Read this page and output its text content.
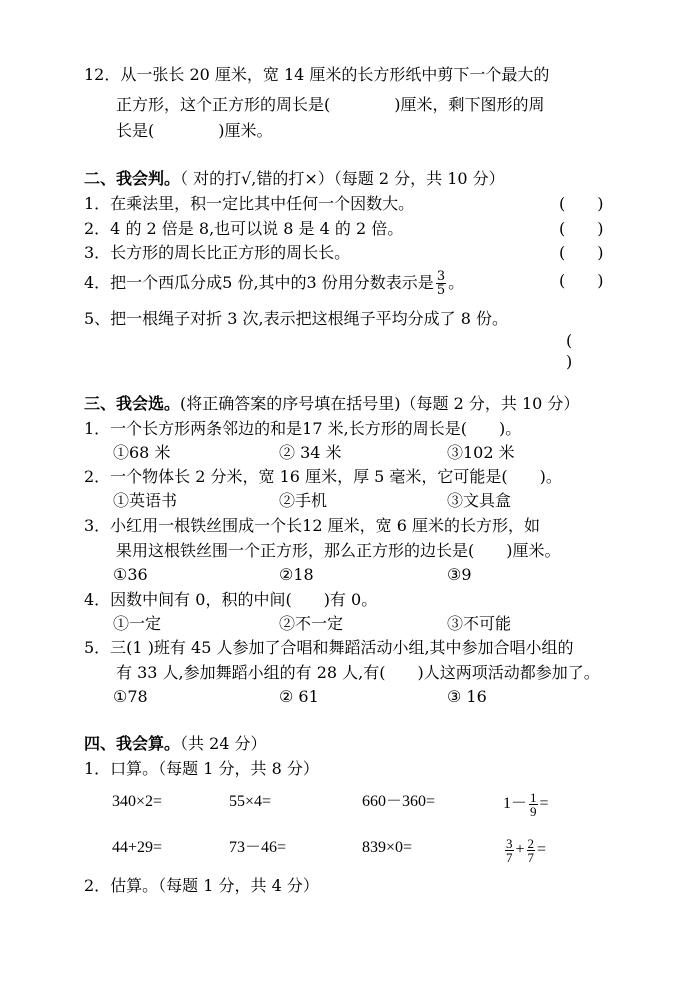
12．从一张长 20 厘米，宽 14 厘米的长方形纸中剪下一个最大的
正方形，这个正方形的周长是(　　　　)厘米，剩下图形的周
长是(　　　　)厘米。
二、我会判。（ 对的打√,错的打×）（每题 2 分，共 10 分）
1．在乘法里，积一定比其中任何一个因数大。	(　　)
2．4 的 2 倍是 8,也可以说 8 是 4 的 2 倍。	(　　)
3．长方形的周长比正方形的周长长。	(　　)
4．把一个西瓜分成5 份,其中的3 份用分数表示是 $\frac{3}{5}$ 。	(　　)
5、把一根绳子对折 3 次,表示把这根绳子平均分成了 8 份。
(
)
三、我会选。(将正确答案的序号填在括号里)（每题 2 分，共 10 分）
1．一个长方形两条邻边的和是17 米,长方形的周长是(　　)。
①68 米	② 34 米	③102 米
2．一个物体长 2 分米，宽 16 厘米，厚 5 毫米，它可能是(　　)。
①英语书	②手机	③文具盒
3．小红用一根铁丝围成一个长12 厘米，宽 6 厘米的长方形，如
果用这根铁丝围一个正方形，那么正方形的边长是(　　)厘米。
①36	②18	③9
4．因数中间有 0，积的中间(　　)有 0。
①一定	②不一定	③不可能
5．三(1 )班有 45 人参加了合唱和舞蹈活动小组,其中参加合唱小组的
有 33 人,参加舞蹈小组的有 28 人,有(　　)人这两项活动都参加了。
①78	② 61	③ 16
四、我会算。（共 24 分）
1．口算。（每题 1 分，共 8 分）
340×2=	55×4=	660－360=	$1- \frac{1}{9}$ =
44+29=	73－46=	839×0=	$\frac{3}{7} + \frac{2}{7}$ =
2．估算。（每题 1 分，共 4 分）
